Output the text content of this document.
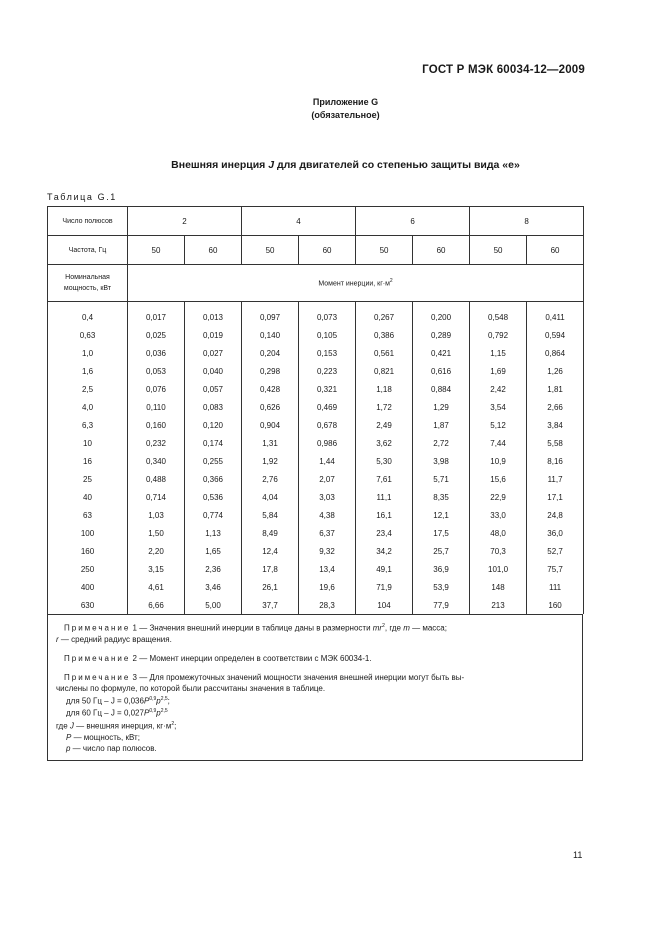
ГОСТ Р МЭК 60034-12—2009
Приложение G
(обязательное)
Внешняя инерция J для двигателей со степенью защиты вида «е»
Таблица G.1
Число полюсов	2		4		6		8	
Частота, Гц	50	60	50	60	50	60	50	60

Номинальная
мощность, кВт	Момент инерции, $кг\cdot м^2$
0,4	0,017	0,013	0,097	0,073	0,267	0,200	0,548	0,411
0,63	0,025	0,019	0,140	0,105	0,386	0,289	0,792	0,594
1,0	0,036	0,027	0,204	0,153	0,561	0,421	1,15	0,864
1,6	0,053	0,040	0,298	0,223	0,821	0,616	1,69	1,26
2,5	0,076	0,057	0,428	0,321	1,18	0,884	2,42	1,81
4,0	0,110	0,083	0,626	0,469	1,72	1,29	3,54	2,66
6,3	0,160	0,120	0,904	0,678	2,49	1,87	5,12	3,84
10	0,232	0,174	1,31	0,986	3,62	2,72	7,44	5,58
16	0,340	0,255	1,92	1,44	5,30	3,98	10,9	8,16
25	0,488	0,366	2,76	2,07	7,61	5,71	15,6	11,7
40	0,714	0,536	4,04	3,03	11,1	8,35	22,9	17,1
63	1,03	0,774	5,84	4,38	16,1	12,1	33,0	24,8
100	1,50	1,13	8,49	6,37	23,4	17,5	48,0	36,0
160	2,20	1,65	12,4	9,32	34,2	25,7	70,3	52,7
250	3,15	2,36	17,8	13,4	49,1	36,9	101,0	75,7
400	4,61	3,46	26,1	19,6	71,9	53,9	148	111
630	6,66	5,00	37,7	28,3	104	77,9	213	160

Примечание 1 — Значения внешний инерции в таблице даны в размерности $mr^2$, где m — масса;

r — средний радиус вращения.

Примечание 2 — Момент инерции определен в соответствии с МЭК 60034-1.

Примечание 3 — Для промежуточных значений мощности значения внешней инерции могут быть вы-

числены по формуле, по которой были рассчитаны значения в таблице.

для 50 Гц – $J = 0,036P^{0,9}p^{2,5}$;

для 60 Гц – $J = 0,027P^{0,9}p^{2,5}$

где J — внешняя инерция, $кг\cdot м^2$;

P — мощность, кВт;

p — число пар полюсов.

11
